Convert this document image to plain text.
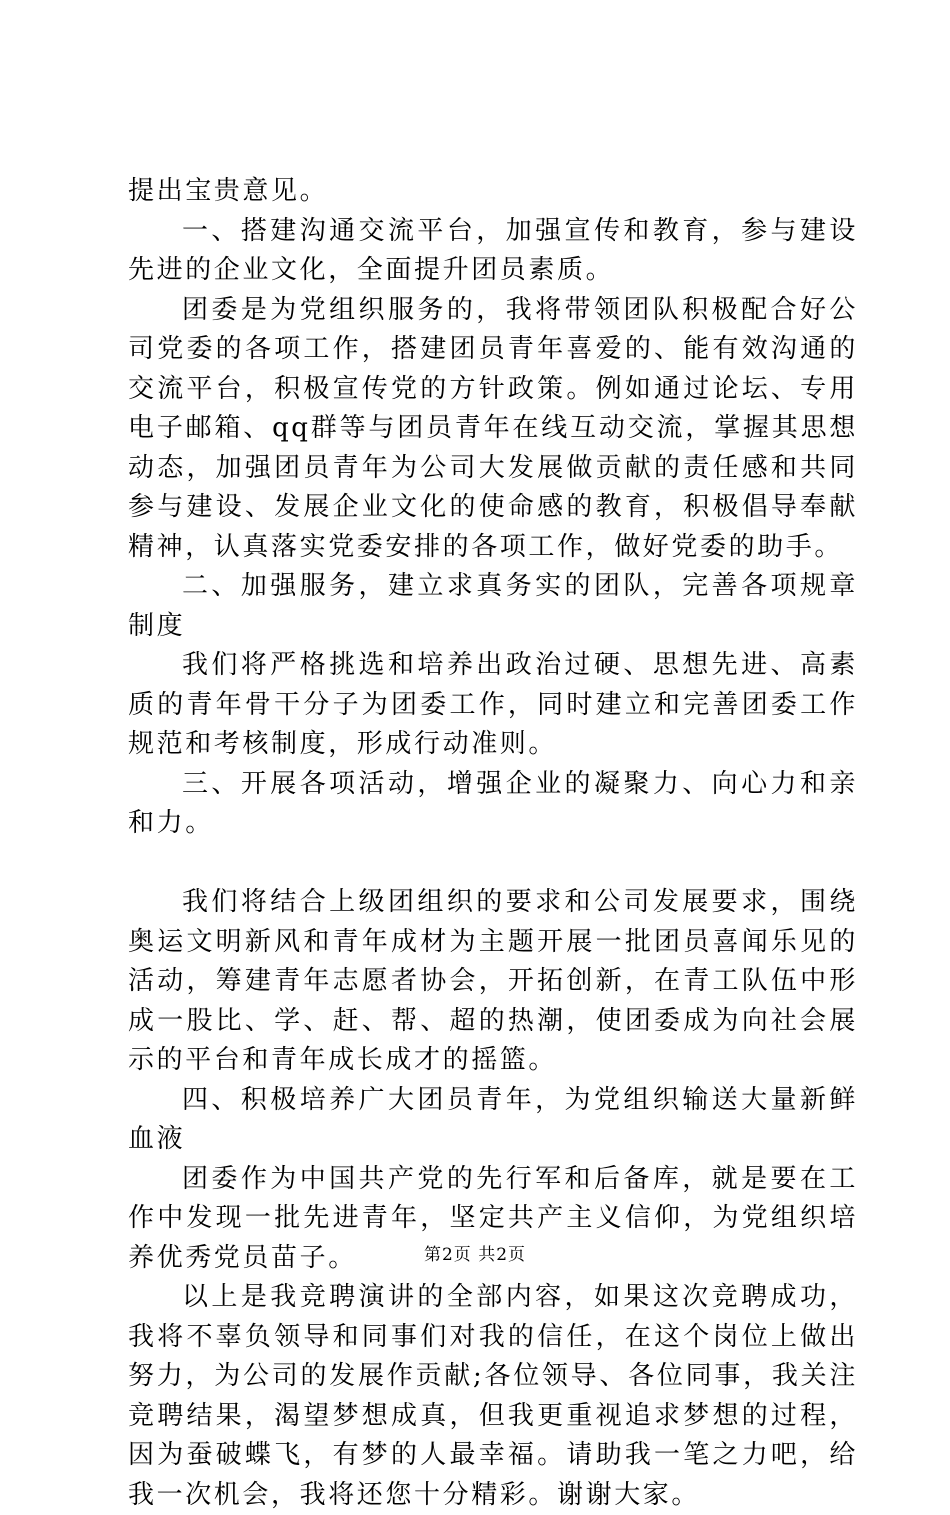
提出宝贵意见。

一、搭建沟通交流平台，加强宣传和教育，参与建设先进的企业文化，全面提升团员素质。

团委是为党组织服务的，我将带领团队积极配合好公司党委的各项工作，搭建团员青年喜爱的、能有效沟通的交流平台，积极宣传党的方针政策。例如通过论坛、专用电子邮箱、qq群等与团员青年在线互动交流，掌握其思想动态，加强团员青年为公司大发展做贡献的责任感和共同参与建设、发展企业文化的使命感的教育，积极倡导奉献精神，认真落实党委安排的各项工作，做好党委的助手。

二、加强服务，建立求真务实的团队，完善各项规章制度

我们将严格挑选和培养出政治过硬、思想先进、高素质的青年骨干分子为团委工作，同时建立和完善团委工作规范和考核制度，形成行动准则。

三、开展各项活动，增强企业的凝聚力、向心力和亲和力。

我们将结合上级团组织的要求和公司发展要求，围绕奥运文明新风和青年成材为主题开展一批团员喜闻乐见的活动，筹建青年志愿者协会，开拓创新，在青工队伍中形成一股比、学、赶、帮、超的热潮，使团委成为向社会展示的平台和青年成长成才的摇篮。

四、积极培养广大团员青年，为党组织输送大量新鲜血液

团委作为中国共产党的先行军和后备库，就是要在工作中发现一批先进青年，坚定共产主义信仰，为党组织培养优秀党员苗子。

以上是我竞聘演讲的全部内容，如果这次竞聘成功，我将不辜负领导和同事们对我的信任，在这个岗位上做出努力，为公司的发展作贡献;各位领导、各位同事，我关注竞聘结果，渴望梦想成真，但我更重视追求梦想的过程，因为蚕破蝶飞，有梦的人最幸福。请助我一笔之力吧，给我一次机会，我将还您十分精彩。谢谢大家。

第2页 共2页
